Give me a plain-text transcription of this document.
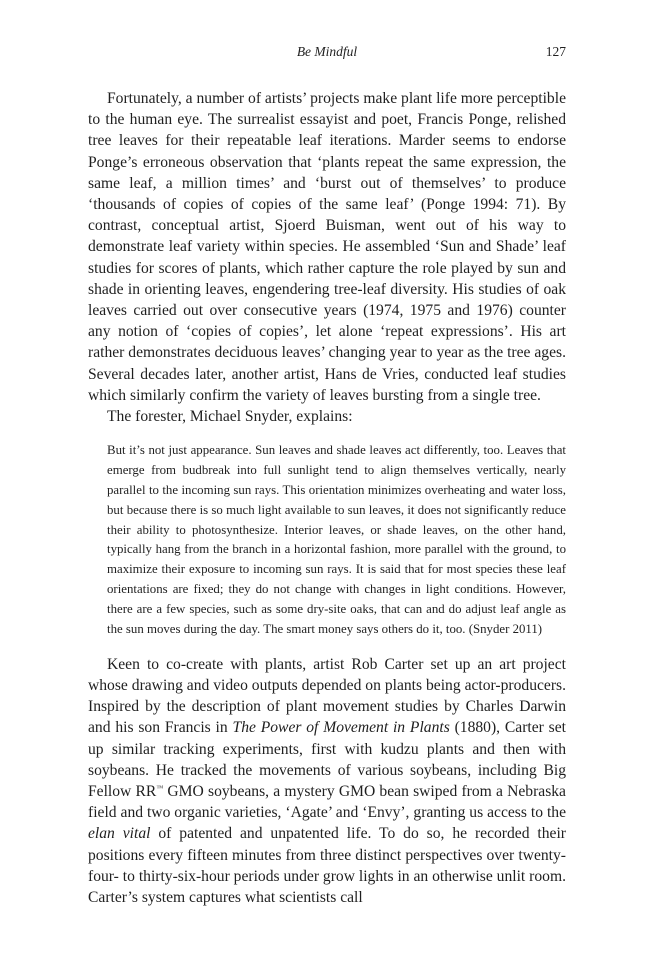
Be Mindful	127

Fortunately, a number of artists’ projects make plant life more perceptible to the human eye. The surrealist essayist and poet, Francis Ponge, relished tree leaves for their repeatable leaf iterations. Marder seems to endorse Ponge’s erroneous observation that ‘plants repeat the same expression, the same leaf, a million times’ and ‘burst out of themselves’ to produce ‘thousands of copies of copies of the same leaf’ (Ponge 1994: 71). By contrast, conceptual artist, Sjoerd Buisman, went out of his way to demonstrate leaf variety within species. He assembled ‘Sun and Shade’ leaf studies for scores of plants, which rather capture the role played by sun and shade in orienting leaves, engendering tree-leaf diversity. His studies of oak leaves carried out over consecutive years (1974, 1975 and 1976) counter any notion of ‘copies of copies’, let alone ‘repeat expressions’. His art rather demonstrates deciduous leaves’ changing year to year as the tree ages. Several decades later, another artist, Hans de Vries, conducted leaf studies which similarly confirm the variety of leaves bursting from a single tree.

The forester, Michael Snyder, explains:

But it’s not just appearance. Sun leaves and shade leaves act differently, too. Leaves that emerge from budbreak into full sunlight tend to align themselves vertically, nearly parallel to the incoming sun rays. This orientation minimizes overheating and water loss, but because there is so much light available to sun leaves, it does not significantly reduce their ability to photosynthesize. Interior leaves, or shade leaves, on the other hand, typically hang from the branch in a horizontal fashion, more parallel with the ground, to maximize their exposure to incoming sun rays. It is said that for most species these leaf orientations are fixed; they do not change with changes in light conditions. However, there are a few species, such as some dry-site oaks, that can and do adjust leaf angle as the sun moves during the day. The smart money says others do it, too. (Snyder 2011)

Keen to co-create with plants, artist Rob Carter set up an art project whose drawing and video outputs depended on plants being actor-producers. Inspired by the description of plant movement studies by Charles Darwin and his son Francis in The Power of Movement in Plants (1880), Carter set up similar tracking experiments, first with kudzu plants and then with soybeans. He tracked the movements of various soybeans, including Big Fellow RR™ GMO soybeans, a mystery GMO bean swiped from a Nebraska field and two organic varieties, ‘Agate’ and ‘Envy’, granting us access to the elan vital of patented and unpatented life. To do so, he recorded their positions every fifteen minutes from three distinct perspectives over twenty-four- to thirty-six-hour periods under grow lights in an otherwise unlit room. Carter’s system captures what scientists call
